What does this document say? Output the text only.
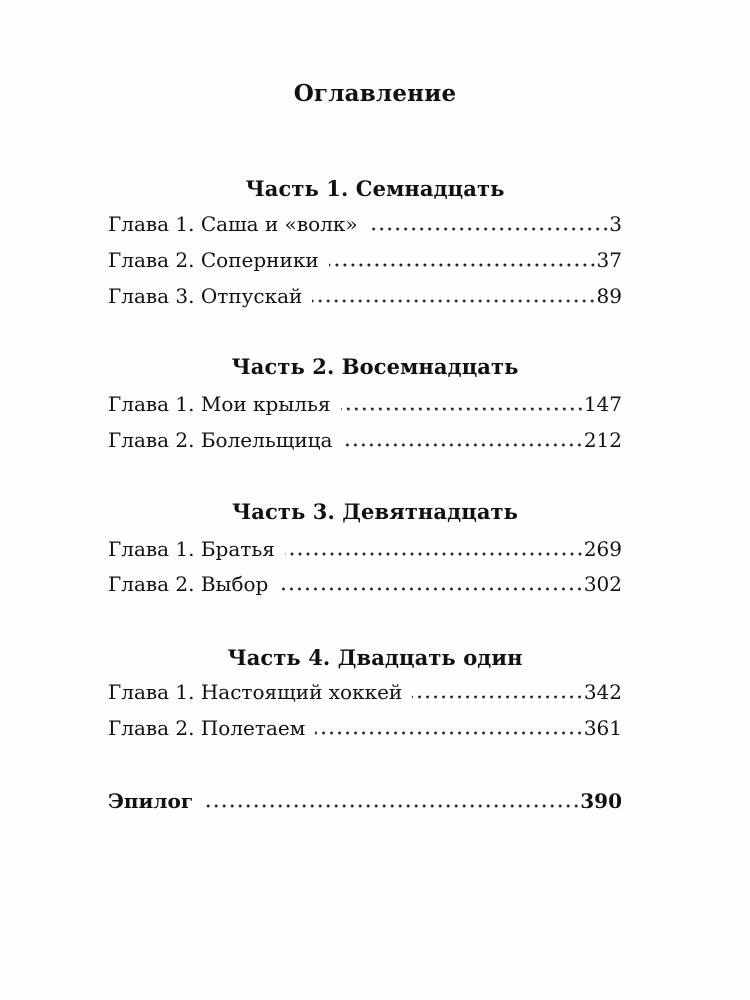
Оглавление
Часть 1. Семнадцать
Глава 1. Саша и «волк»	3
Глава 2. Соперники	37
Глава 3. Отпускай	89
Часть 2. Восемнадцать
Глава 1. Мои крылья	147
Глава 2. Болельщица	212
Часть 3. Девятнадцать
Глава 1. Братья	269
Глава 2. Выбор	302
Часть 4. Двадцать один
Глава 1. Настоящий хоккей	342
Глава 2. Полетаем	361
Эпилог	390
